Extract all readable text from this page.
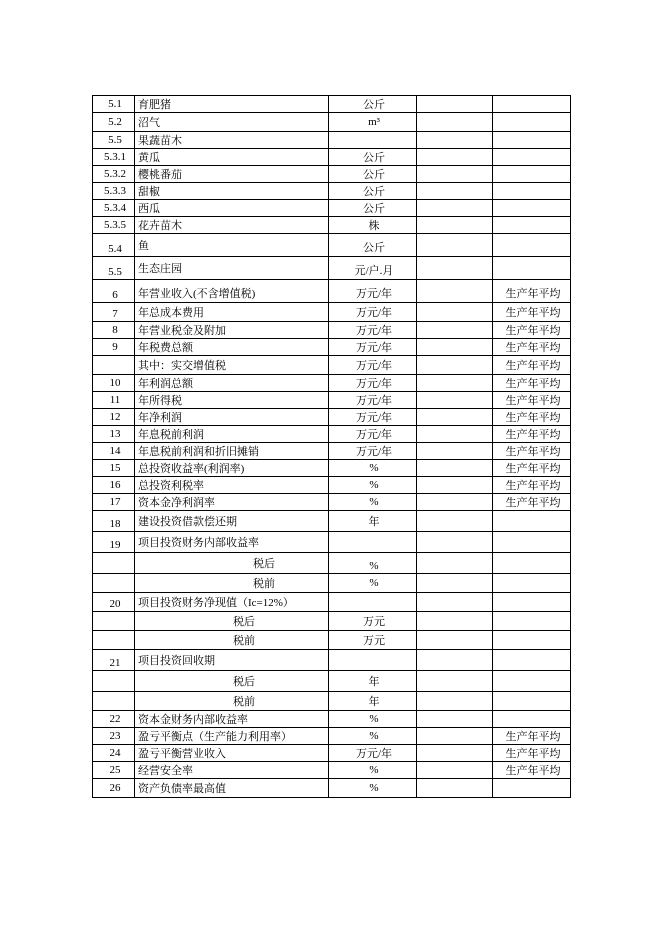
5.1	育肥猪	公斤		
5.2	沼气	m³		
5.5	果蔬苗木			
5.3.1	黄瓜	公斤		
5.3.2	樱桃番茄	公斤		
5.3.3	甜椒	公斤		
5.3.4	西瓜	公斤		
5.3.5	花卉苗木	株		
5.4	鱼	公斤		
5.5	生态庄园	元/户.月		
6	年营业收入(不含增值税)	万元/年		生产年平均
7	年总成本费用	万元/年		生产年平均
8	年营业税金及附加	万元/年		生产年平均
9	年税费总额	万元/年		生产年平均
	其中：实交增值税	万元/年		生产年平均
10	年利润总额	万元/年		生产年平均
11	年所得税	万元/年		生产年平均
12	年净利润	万元/年		生产年平均
13	年息税前利润	万元/年		生产年平均
14	年息税前利润和折旧摊销	万元/年		生产年平均
15	总投资收益率(利润率)	%		生产年平均
16	总投资利税率	%		生产年平均
17	资本金净利润率	%		生产年平均
18	建设投资借款偿还期	年		
19	项目投资财务内部收益率			
	税后	%		
	税前	%		
20	项目投资财务净现值（Ic=12%）			
	税后	万元		
	税前	万元		
21	项目投资回收期			
	税后	年		
	税前	年		
22	资本金财务内部收益率	%		
23	盈亏平衡点（生产能力利用率）	%		生产年平均
24	盈亏平衡营业收入	万元/年		生产年平均
25	经营安全率	%		生产年平均
26	资产负债率最高值	%		
